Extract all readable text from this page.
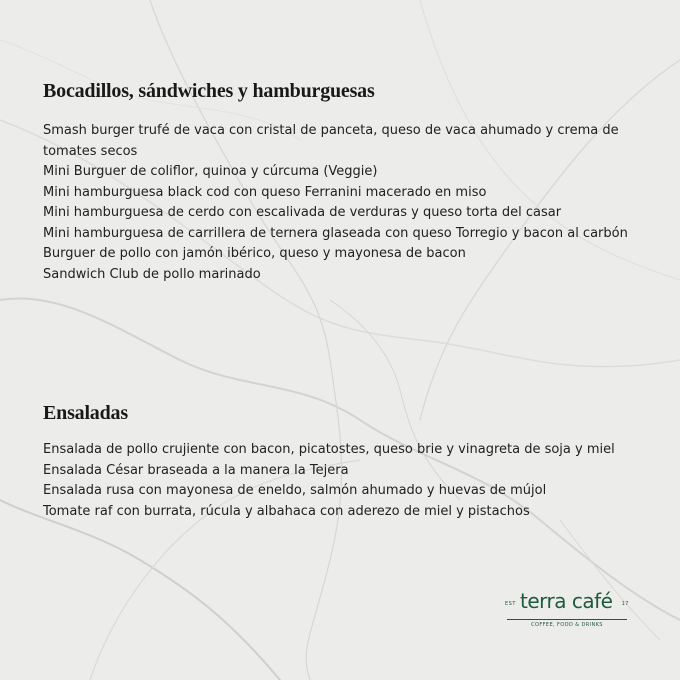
Bocadillos, sándwiches y hamburguesas
Smash burger trufé de vaca con cristal de panceta, queso de vaca ahumado y crema de tomates secos
Mini Burguer de coliflor, quinoa y cúrcuma (Veggie)
Mini hamburguesa black cod con queso Ferranini macerado en miso
Mini hamburguesa de cerdo con escalivada de verduras y queso torta del casar
Mini hamburguesa de carrillera de ternera glaseada con queso Torregio y bacon al carbón
Burguer de pollo con jamón ibérico, queso y mayonesa de bacon
Sandwich Club de pollo marinado
Ensaladas
Ensalada de pollo crujiente con bacon, picatostes, queso brie y vinagreta de soja y miel
Ensalada César braseada a la manera la Tejera
Ensalada rusa con mayonesa de eneldo, salmón ahumado y huevas de mújol
Tomate raf con burrata, rúcula y albahaca con aderezo de miel y pistachos
EST terra café 17
COFFEE, FOOD & DRINKS
